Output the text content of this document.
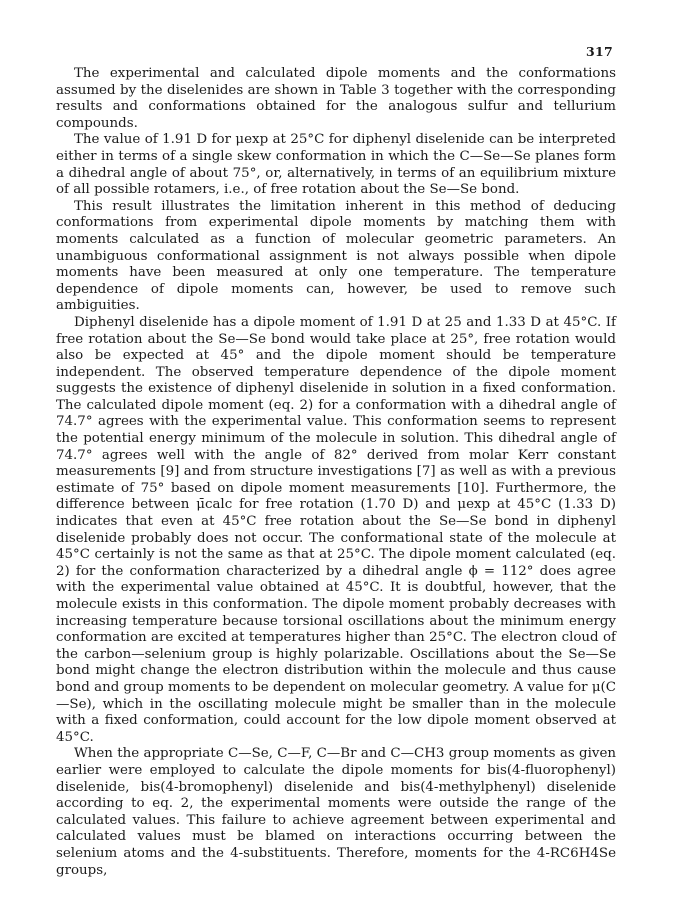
317

The experimental and calculated dipole moments and the conformations assumed by the diselenides are shown in Table 3 together with the corresponding results and conformations obtained for the analogous sulfur and tellurium compounds.

The value of 1.91 D for μexp at 25°C for diphenyl diselenide can be interpreted either in terms of a single skew conformation in which the C—Se—Se planes form a dihedral angle of about 75°, or, alternatively, in terms of an equilibrium mixture of all possible rotamers, i.e., of free rotation about the Se—Se bond.

This result illustrates the limitation inherent in this method of deducing conformations from experimental dipole moments by matching them with moments calculated as a function of molecular geometric parameters. An unambiguous conformational assignment is not always possible when dipole moments have been measured at only one temperature. The temperature dependence of dipole moments can, however, be used to remove such ambiguities.

Diphenyl diselenide has a dipole moment of 1.91 D at 25 and 1.33 D at 45°C. If free rotation about the Se—Se bond would take place at 25°, free rotation would also be expected at 45° and the dipole moment should be temperature independent. The observed temperature dependence of the dipole moment suggests the existence of diphenyl diselenide in solution in a fixed conformation. The calculated dipole moment (eq. 2) for a conformation with a dihedral angle of 74.7° agrees with the experimental value. This conformation seems to represent the potential energy minimum of the molecule in solution. This dihedral angle of 74.7° agrees well with the angle of 82° derived from molar Kerr constant measurements [9] and from structure investigations [7] as well as with a previous estimate of 75° based on dipole moment measurements [10]. Furthermore, the difference between μ̄calc for free rotation (1.70 D) and μexp at 45°C (1.33 D) indicates that even at 45°C free rotation about the Se—Se bond in diphenyl diselenide probably does not occur. The conformational state of the molecule at 45°C certainly is not the same as that at 25°C. The dipole moment calculated (eq. 2) for the conformation characterized by a dihedral angle ϕ = 112° does agree with the experimental value obtained at 45°C. It is doubtful, however, that the molecule exists in this conformation. The dipole moment probably decreases with increasing temperature because torsional oscillations about the minimum energy conformation are excited at temperatures higher than 25°C. The electron cloud of the carbon—selenium group is highly polarizable. Oscillations about the Se—Se bond might change the electron distribution within the molecule and thus cause bond and group moments to be dependent on molecular geometry. A value for μ(C—Se), which in the oscillating molecule might be smaller than in the molecule with a fixed conformation, could account for the low dipole moment observed at 45°C.

When the appropriate C—Se, C—F, C—Br and C—CH3 group moments as given earlier were employed to calculate the dipole moments for bis(4-fluorophenyl) diselenide, bis(4-bromophenyl) diselenide and bis(4-methylphenyl) diselenide according to eq. 2, the experimental moments were outside the range of the calculated values. This failure to achieve agreement between experimental and calculated values must be blamed on interactions occurring between the selenium atoms and the 4-substituents. Therefore, moments for the 4-RC6H4Se groups,
